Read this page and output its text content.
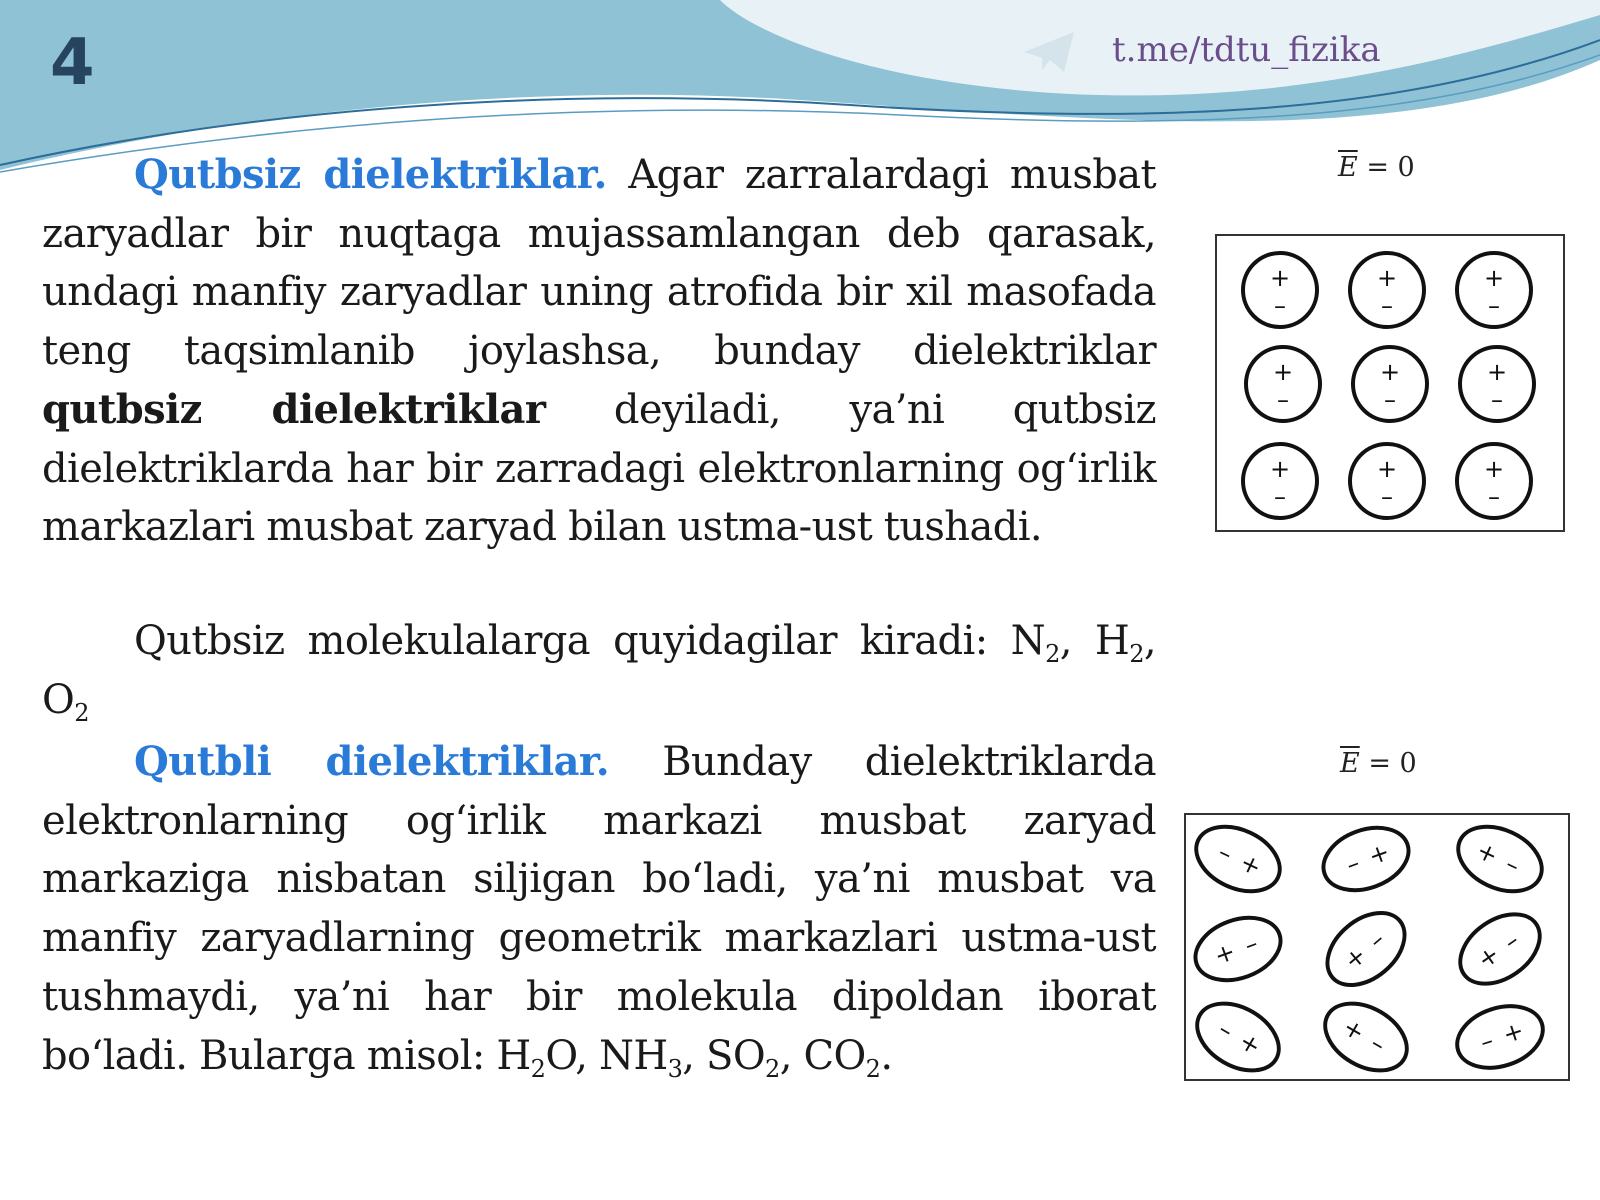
4	t.me/tdtu_fizika
Qutbsiz dielektriklar. Agar zarralardagi musbat zaryadlar bir nuqtaga mujassamlangan deb qarasak, undagi manfiy zaryadlar uning atrofida bir xil masofada teng taqsimlanib joylashsa, bunday dielektriklar qutbsiz dielektriklar deyiladi, ya’ni qutbsiz dielektriklarda har bir zarradagi elektronlarning og‘irlik markazlari musbat zaryad bilan ustma-ust tushadi.
Qutbsiz molekulalarga quyidagilar kiradi: $N_2$, $H_2$, $O_2$
Qutbli dielektriklar. Bunday dielektriklarda elektronlarning og‘irlik markazi musbat zaryad markaziga nisbatan siljigan bo‘ladi, ya’ni musbat va manfiy zaryadlarning geometrik markazlari ustma-ust tushmaydi, ya’ni har bir molekula dipoldan iborat bo‘ladi. Bularga misol: $H_2O$, $NH_3$, $SO_2$, $CO_2$.
$\overline{E} = 0$
+
–
+
–
+
–
+
–
+
–
+
–
+
–
+
–
+
–
$\overline{E} = 0$
–
+	– +	+
–
+ –	+
–	+
–
–
+	+
–	– +
